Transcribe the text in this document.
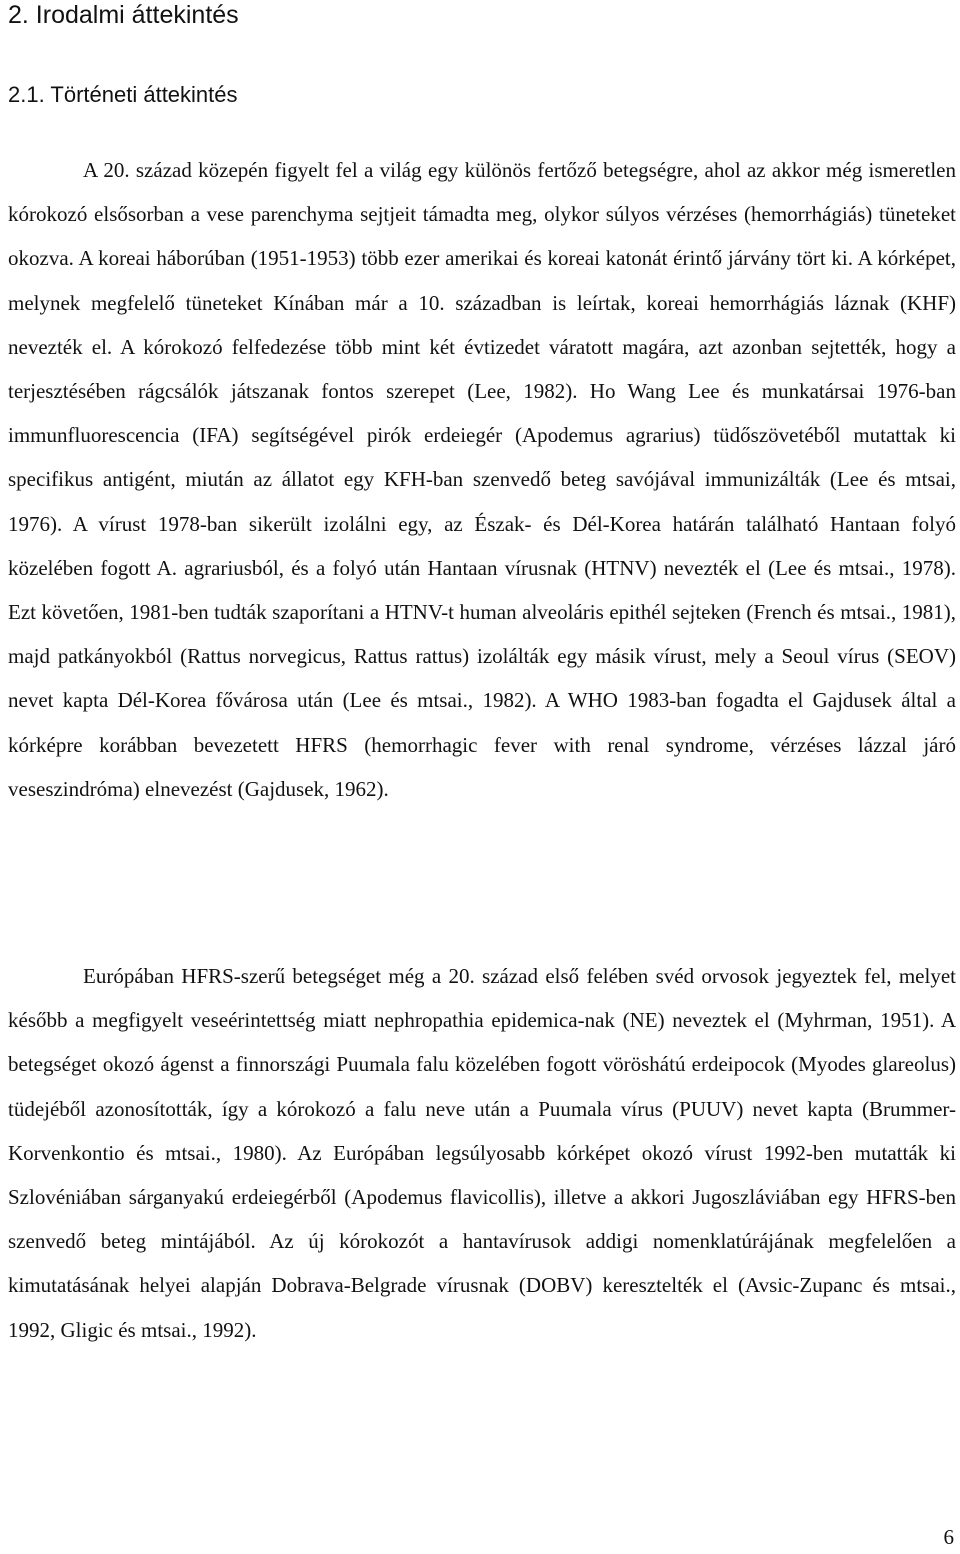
2. Irodalmi áttekintés
2.1. Történeti áttekintés

A 20. század közepén figyelt fel a világ egy különös fertőző betegségre, ahol az akkor még ismeretlen kórokozó elsősorban a vese parenchyma sejtjeit támadta meg, olykor súlyos vérzéses (hemorrhágiás) tüneteket okozva. A koreai háborúban (1951-1953) több ezer amerikai és koreai katonát érintő járvány tört ki. A kórképet, melynek megfelelő tüneteket Kínában már a 10. században is leírtak, koreai hemorrhágiás láznak (KHF) nevezték el. A kórokozó felfedezése több mint két évtizedet váratott magára, azt azonban sejtették, hogy a terjesztésében rágcsálók játszanak fontos szerepet (Lee, 1982). Ho Wang Lee és munkatársai 1976-ban immunfluorescencia (IFA) segítségével pirók erdeiegér (Apodemus agrarius) tüdőszövetéből mutattak ki specifikus antigént, miután az állatot egy KFH-ban szenvedő beteg savójával immunizálták (Lee és mtsai, 1976). A vírust 1978-ban sikerült izolálni egy, az Észak- és Dél-Korea határán található Hantaan folyó közelében fogott A. agrariusból, és a folyó után Hantaan vírusnak (HTNV) nevezték el (Lee és mtsai., 1978). Ezt követően, 1981-ben tudták szaporítani a HTNV-t human alveoláris epithél sejteken (French és mtsai., 1981), majd patkányokból (Rattus norvegicus, Rattus rattus) izolálták egy másik vírust, mely a Seoul vírus (SEOV) nevet kapta Dél-Korea fővárosa után (Lee és mtsai., 1982). A WHO 1983-ban fogadta el Gajdusek által a kórképre korábban bevezetett HFRS (hemorrhagic fever with renal syndrome, vérzéses lázzal járó veseszindróma) elnevezést (Gajdusek, 1962).

Európában HFRS-szerű betegséget még a 20. század első felében svéd orvosok jegyeztek fel, melyet később a megfigyelt veseérintettség miatt nephropathia epidemica-nak (NE) neveztek el (Myhrman, 1951). A betegséget okozó ágenst a finnországi Puumala falu közelében fogott vöröshátú erdeipocok (Myodes glareolus) tüdejéből azonosították, így a kórokozó a falu neve után a Puumala vírus (PUUV) nevet kapta (Brummer-Korvenkontio és mtsai., 1980). Az Európában legsúlyosabb kórképet okozó vírust 1992-ben mutatták ki Szlovéniában sárganyakú erdeiegérből (Apodemus flavicollis), illetve a akkori Jugoszláviában egy HFRS-ben szenvedő beteg mintájából. Az új kórokozót a hantavírusok addigi nomenklatúrájának megfelelően a kimutatásának helyei alapján Dobrava-Belgrade vírusnak (DOBV) keresztelték el (Avsic-Zupanc és mtsai., 1992, Gligic és mtsai., 1992).

6
